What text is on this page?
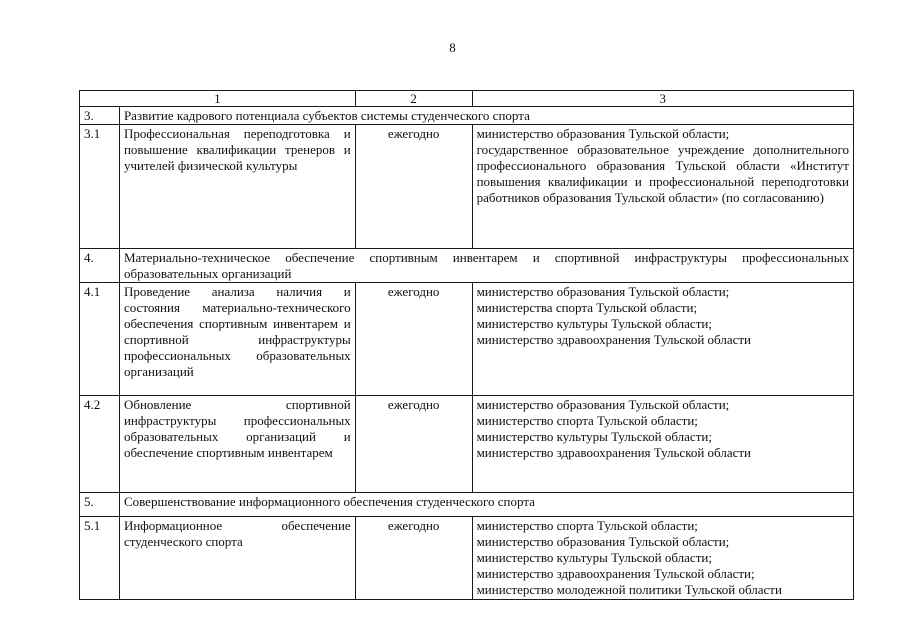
8
1		2	3
3.	Развитие кадрового потенциала субъектов системы студенческого спорта		
3.1	Профессиональная переподготовка и повышение квалификации тренеров и учителей физической культуры	ежегодно	министерство образования Тульской области;
государственное образовательное учреждение дополнительного профессионального образования Тульской области «Институт повышения квалификации и профессиональной переподготовки работников образования Тульской области» (по согласованию)

4.	Материально-техническое обеспечение спортивным инвентарем и спортивной инфраструктуры профессиональных образовательных организаций		
4.1	Проведение анализа наличия и состояния материально-технического обеспечения спортивным инвентарем и спортивной инфраструктуры профессиональных образовательных организаций	ежегодно	министерство образования Тульской области;
министерства спорта Тульской области;
министерство культуры Тульской области;
министерство здравоохранения Тульской области

4.2	Обновление спортивной инфраструктуры профессиональных образовательных организаций и обеспечение спортивным инвентарем	ежегодно	министерство образования Тульской области;
министерство спорта Тульской области;
министерство культуры Тульской области;
министерство здравоохранения Тульской области

5.	Совершенствование информационного обеспечения студенческого спорта		
5.1	Информационное обеспечение студенческого спорта	ежегодно	министерство спорта Тульской области;
министерство образования Тульской области;
министерство культуры Тульской области;
министерство здравоохранения Тульской области;
министерство молодежной политики Тульской области
